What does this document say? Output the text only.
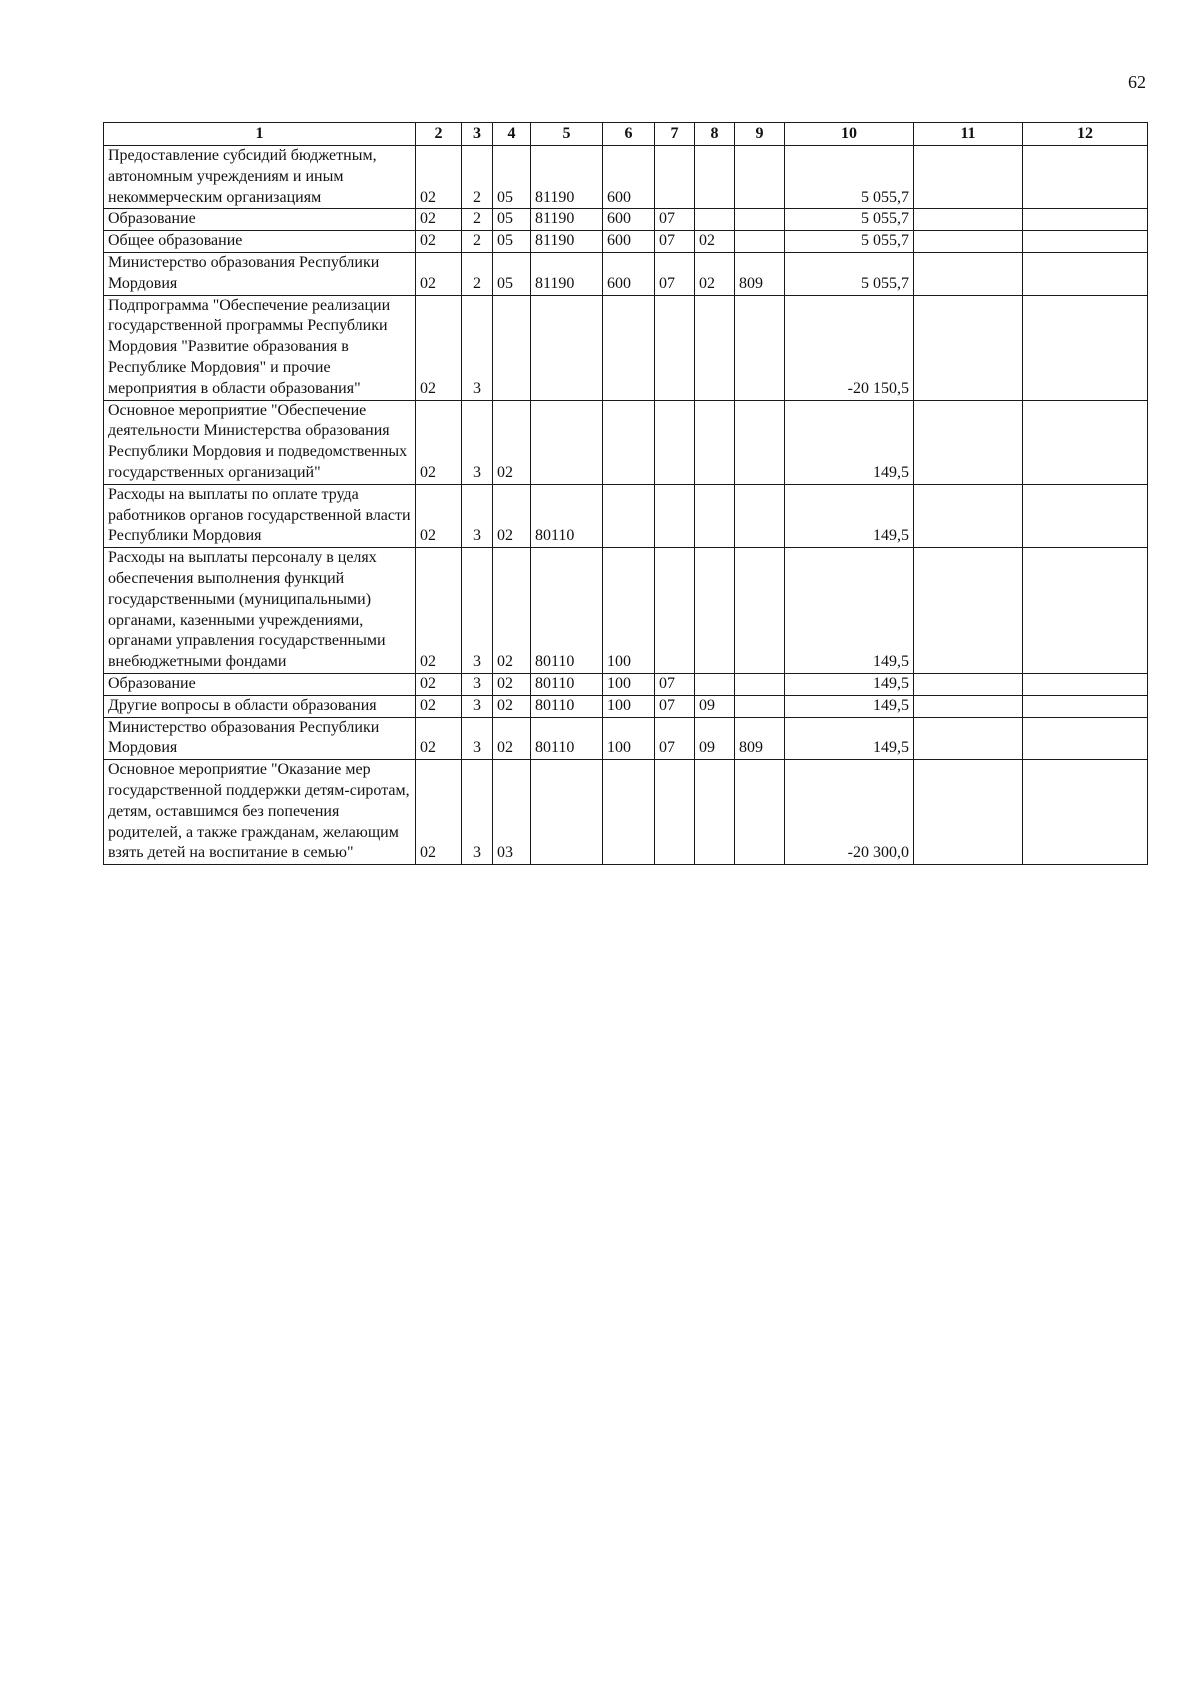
62
1	2	3	4	5	6	7	8	9	10	11	12
Предоставление субсидий бюджетным, автономным учреждениям и иным некоммерческим организациям	02	2	05	81190	600				5 055,7		
Образование	02	2	05	81190	600	07			5 055,7		
Общее образование	02	2	05	81190	600	07	02		5 055,7		
Министерство образования Республики Мордовия	02	2	05	81190	600	07	02	809	5 055,7		
Подпрограмма "Обеспечение реализации государственной программы Республики Мордовия "Развитие образования в Республике Мордовия" и прочие мероприятия в области образования"	02	3							-20 150,5		
Основное мероприятие "Обеспечение деятельности Министерства образования Республики Мордовия и подведомственных государственных организаций"	02	3	02						149,5		
Расходы на выплаты по оплате труда работников органов государственной власти Республики Мордовия	02	3	02	80110					149,5		
Расходы на выплаты персоналу в целях обеспечения выполнения функций государственными (муниципальными) органами, казенными учреждениями, органами управления государственными внебюджетными фондами	02	3	02	80110	100				149,5		
Образование	02	3	02	80110	100	07			149,5		
Другие вопросы в области образования	02	3	02	80110	100	07	09		149,5		
Министерство образования Республики Мордовия	02	3	02	80110	100	07	09	809	149,5		
Основное мероприятие "Оказание мер государственной поддержки детям-сиротам, детям, оставшимся без попечения родителей, а также гражданам, желающим взять детей на воспитание в семью"	02	3	03						-20 300,0		
